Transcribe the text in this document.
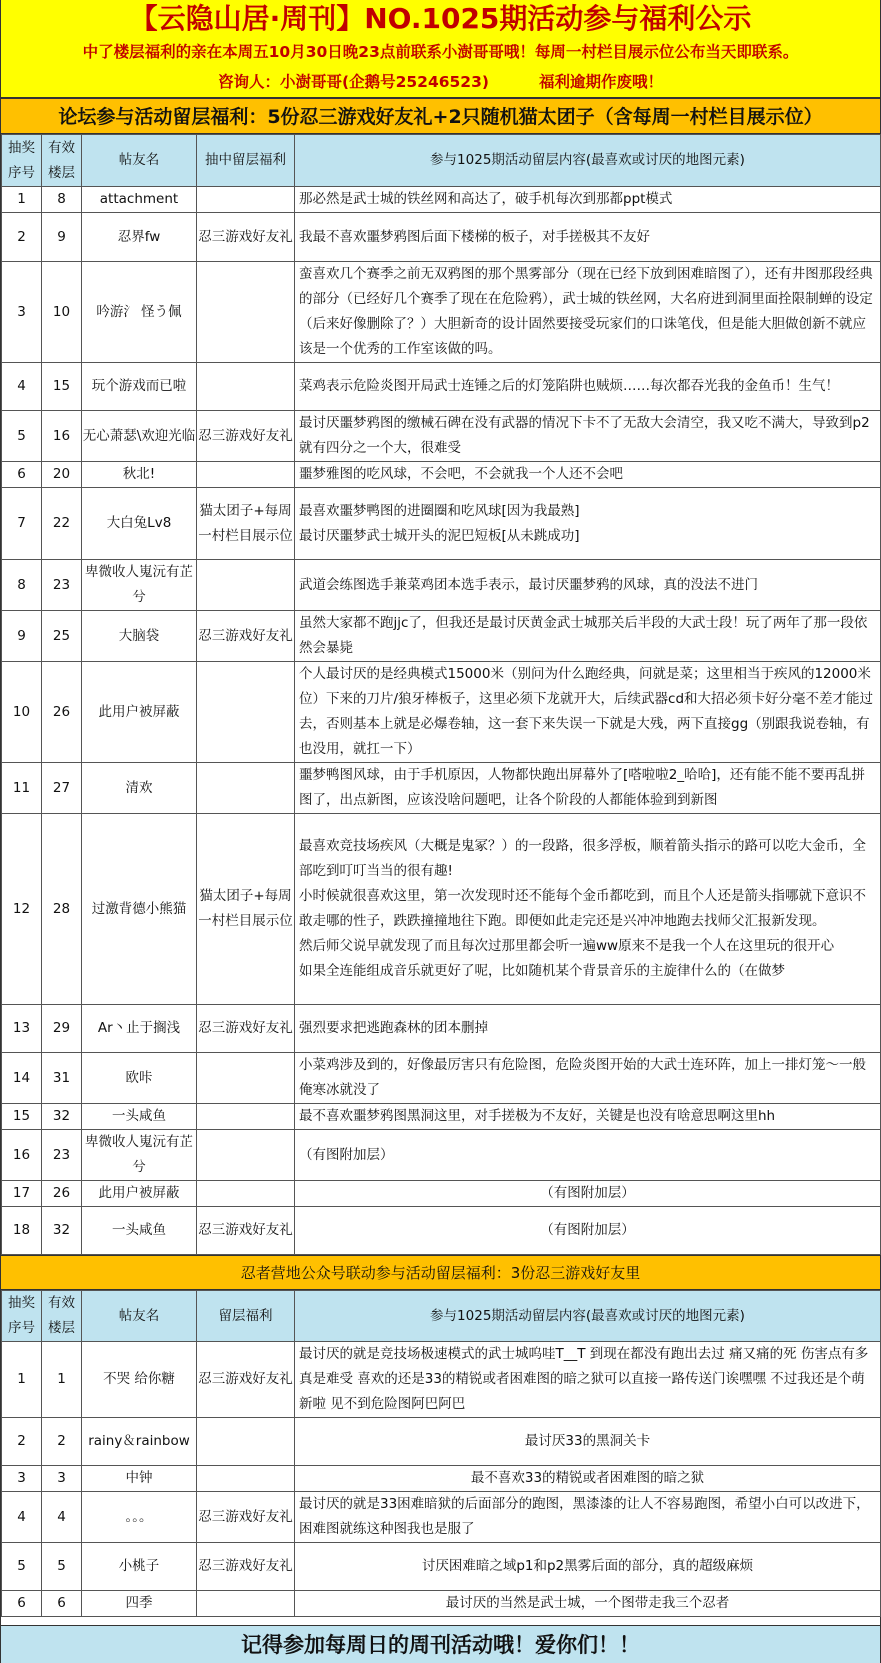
【云隐山居·周刊】NO.1025期活动参与福利公示
中了楼层福利的亲在本周五10月30日晚23点前联系小澍哥哥哦！每周一村栏目展示位公布当天即联系。
咨询人：小澍哥哥(企鹅号25246523)	福利逾期作废哦！
论坛参与活动留层福利：5份忍三游戏好友礼+2只随机猫太团子（含每周一村栏目展示位）
抽奖序号	有效楼层	帖友名	抽中留层福利	参与1025期活动留层内容(最喜欢或讨厌的地图元素)
1	8	attachment		那必然是武士城的铁丝网和高达了，破手机每次到那都ppt模式
2	9	忍界fw	忍三游戏好友礼	我最不喜欢噩梦鸦图后面下楼梯的板子，对手搓极其不友好
3	10	吟游氵 怪う佩		蛮喜欢几个赛季之前无双鸦图的那个黑雾部分（现在已经下放到困难暗图了），还有井图那段经典的部分（已经好几个赛季了现在在危险鸦），武士城的铁丝网，大名府进到洞里面拴限制蝉的设定（后来好像删除了？）大胆新奇的设计固然要接受玩家们的口诛笔伐，但是能大胆做创新不就应该是一个优秀的工作室该做的吗。
4	15	玩个游戏而已啦		菜鸡表示危险炎图开局武士连锤之后的灯笼陷阱也贼烦……每次都吞光我的金鱼币！生气！
5	16	无心萧瑟\欢迎光临	忍三游戏好友礼	最讨厌噩梦鸦图的缴械石碑在没有武器的情况下卡不了无敌大会清空，我又吃不满大，导致到p2就有四分之一个大，很难受
6	20	秋北!		噩梦雅图的吃风球，不会吧，不会就我一个人还不会吧
7	22	大白兔Lv8	猫太团子+每周一村栏目展示位	最喜欢噩梦鸭图的进圈圈和吃风球[因为我最熟]
最讨厌噩梦武士城开头的泥巴短板[从未跳成功]
8	23	卑微收人嵬沅有芷兮		武道会练图选手兼菜鸡团本选手表示，最讨厌噩梦鸦的风球，真的没法不进门
9	25	大脑袋	忍三游戏好友礼	虽然大家都不跑jjc了，但我还是最讨厌黄金武士城那关后半段的大武士段！玩了两年了那一段依然会暴毙
10	26	此用户被屏蔽		个人最讨厌的是经典模式15000米（别问为什么跑经典，问就是菜；这里相当于疾风的12000米位）下来的刀片/狼牙棒板子，这里必须下龙就开大，后续武器cd和大招必须卡好分毫不差才能过去，否则基本上就是必爆卷轴，这一套下来失误一下就是大残，两下直接gg（别跟我说卷轴，有也没用，就扛一下）
11	27	清欢		噩梦鸭图风球，由于手机原因，人物都快跑出屏幕外了[嗒啦啦2_哈哈]，还有能不能不要再乱拼图了，出点新图，应该没啥问题吧，让各个阶段的人都能体验到到新图
12	28	过激背德小熊猫	猫太团子+每周一村栏目展示位	最喜欢竞技场疾风（大概是鬼冢？）的一段路，很多浮板，顺着箭头指示的路可以吃大金币，全部吃到叮叮当当的很有趣!
小时候就很喜欢这里，第一次发现时还不能每个金币都吃到，而且个人还是箭头指哪就下意识不敢走哪的性子，跌跌撞撞地往下跑。即便如此走完还是兴冲冲地跑去找师父汇报新发现。
然后师父说早就发现了而且每次过那里都会听一遍ww原来不是我一个人在这里玩的很开心
如果全连能组成音乐就更好了呢，比如随机某个背景音乐的主旋律什么的（在做梦
13	29	Ar丶止于搁浅	忍三游戏好友礼	强烈要求把逃跑森林的团本删掉
14	31	欧咔		小菜鸡涉及到的，好像最厉害只有危险图，危险炎图开始的大武士连环阵，加上一排灯笼～一般俺寒冰就没了
15	32	一头咸鱼		最不喜欢噩梦鸦图黑洞这里，对手搓极为不友好，关键是也没有啥意思啊这里hh
16	23	卑微收人嵬沅有芷兮		（有图附加层）
17	26	此用户被屏蔽		（有图附加层）
18	32	一头咸鱼	忍三游戏好友礼	（有图附加层）
忍者营地公众号联动参与活动留层福利：3份忍三游戏好友里
抽奖序号	有效楼层	帖友名	留层福利	参与1025期活动留层内容(最喜欢或讨厌的地图元素)
1	1	不哭 给你糖	忍三游戏好友礼	最讨厌的就是竞技场极速模式的武士城呜哇T__T 到现在都没有跑出去过 痛又痛的死 伤害点有多 真是难受 喜欢的还是33的精锐或者困难图的暗之狱可以直接一路传送门诶嘿嘿 不过我还是个萌新啦 见不到危险图阿巴阿巴
2	2	rainy＆rainbow		最讨厌33的黑洞关卡
3	3	中钟		最不喜欢33的精锐或者困难图的暗之狱
4	4	。。。	忍三游戏好友礼	最讨厌的就是33困难暗狱的后面部分的跑图，黑漆漆的让人不容易跑图，希望小白可以改进下，困难图就练这种图我也是服了
5	5	小桃子	忍三游戏好友礼	讨厌困难暗之域p1和p2黑雾后面的部分，真的超级麻烦
6	6	四季		最讨厌的当然是武士城，一个图带走我三个忍者
记得参加每周日的周刊活动哦！爱你们！！
